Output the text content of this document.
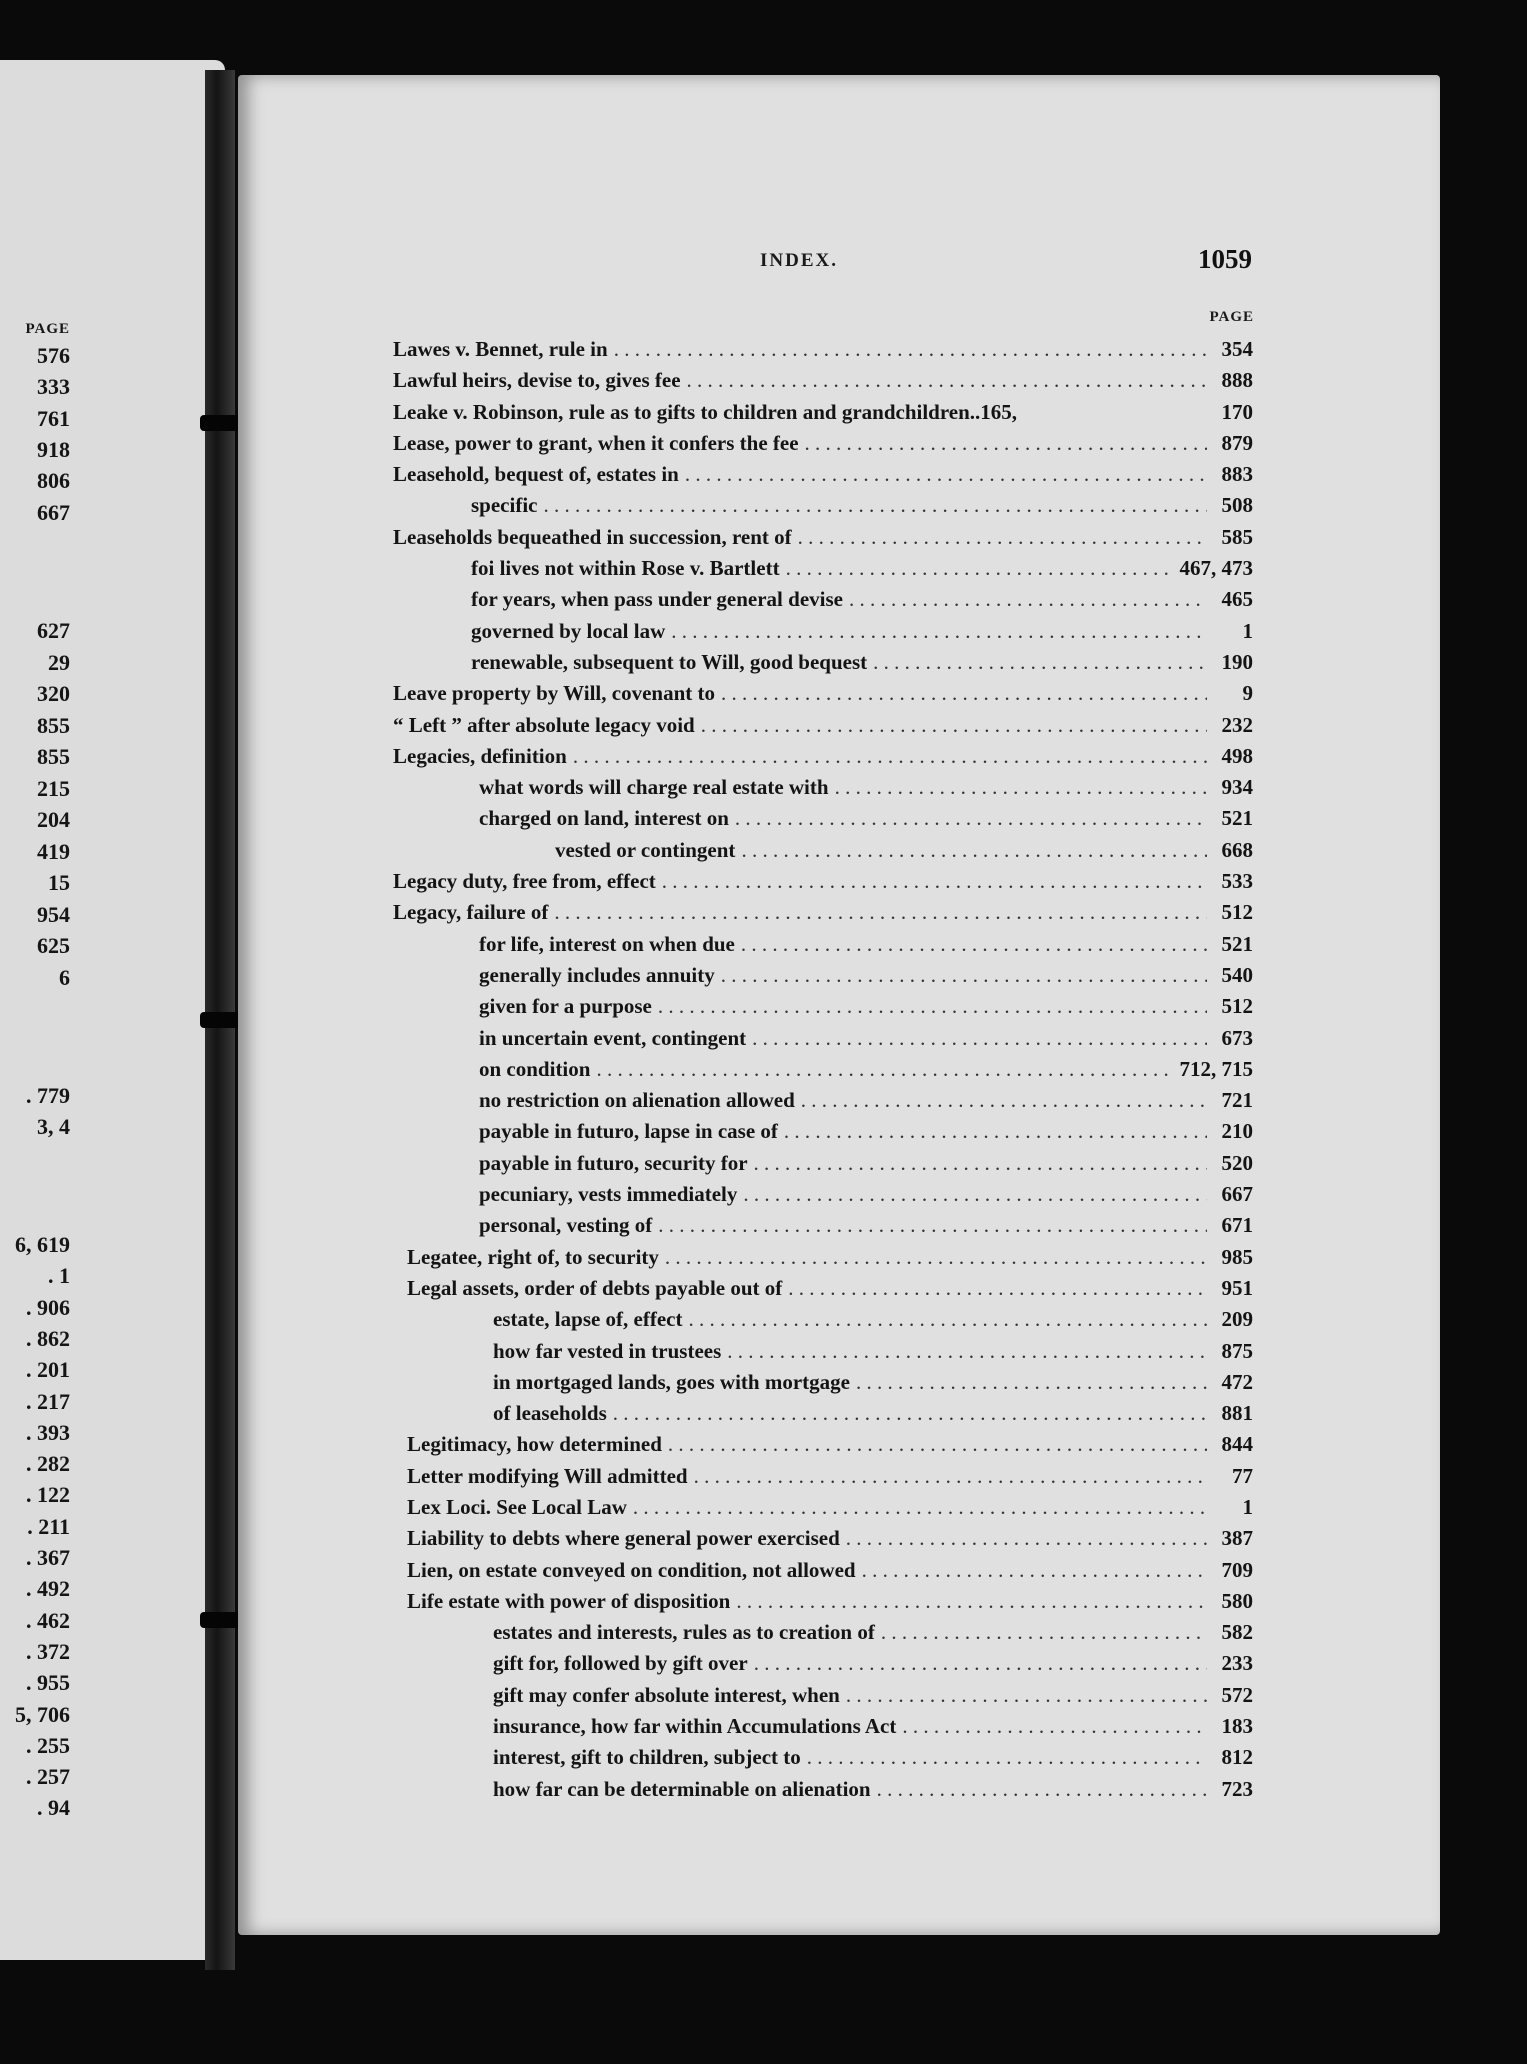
PAGE
576
333
761
918
806
667
627
29
320
855
855
215
204
419
15
954
625
6
. 779
3, 4
6, 619
. 1
. 906
. 862
. 201
. 217
. 393
. 282
. 122
. 211
. 367
. 492
. 462
. 372
. 955
5, 706
. 255
. 257
. 94
INDEX.	1059
PAGE
Lawes v. Bennet, rule in . . .	354
Lawful heirs, devise to, gives fee . . .	888
Leake v. Robinson, rule as to gifts to children and grandchildren..165,	170
Lease, power to grant, when it confers the fee . . .	879
Leasehold, bequest of, estates in . . .	883
specific . . .	508
Leaseholds bequeathed in succession, rent of . . .	585
foi lives not within Rose v. Bartlett . . .	467, 473
for years, when pass under general devise . . .	465
governed by local law . . .	1
renewable, subsequent to Will, good bequest . . .	190
Leave property by Will, covenant to . . .	9
“ Left ” after absolute legacy void . . .	232
Legacies, definition . . .	498
what words will charge real estate with . . .	934
charged on land, interest on . . .	521
vested or contingent . . .	668
Legacy duty, free from, effect . . .	533
Legacy, failure of . . .	512
for life, interest on when due . . .	521
generally includes annuity . . .	540
given for a purpose . . .	512
in uncertain event, contingent . . .	673
on condition . . .	712, 715
no restriction on alienation allowed . . .	721
payable in futuro, lapse in case of . . .	210
payable in futuro, security for . . .	520
pecuniary, vests immediately . . .	667
personal, vesting of . . .	671
Legatee, right of, to security . . .	985
Legal assets, order of debts payable out of . . .	951
estate, lapse of, effect . . .	209
how far vested in trustees . . .	875
in mortgaged lands, goes with mortgage . . .	472
of leaseholds . . .	881
Legitimacy, how determined . . .	844
Letter modifying Will admitted . . .	77
Lex Loci. See Local Law . . .	1
Liability to debts where general power exercised . . .	387
Lien, on estate conveyed on condition, not allowed . . .	709
Life estate with power of disposition . . .	580
estates and interests, rules as to creation of . . .	582
gift for, followed by gift over . . .	233
gift may confer absolute interest, when . . .	572
insurance, how far within Accumulations Act . . .	183
interest, gift to children, subject to . . .	812
how far can be determinable on alienation . . .	723
